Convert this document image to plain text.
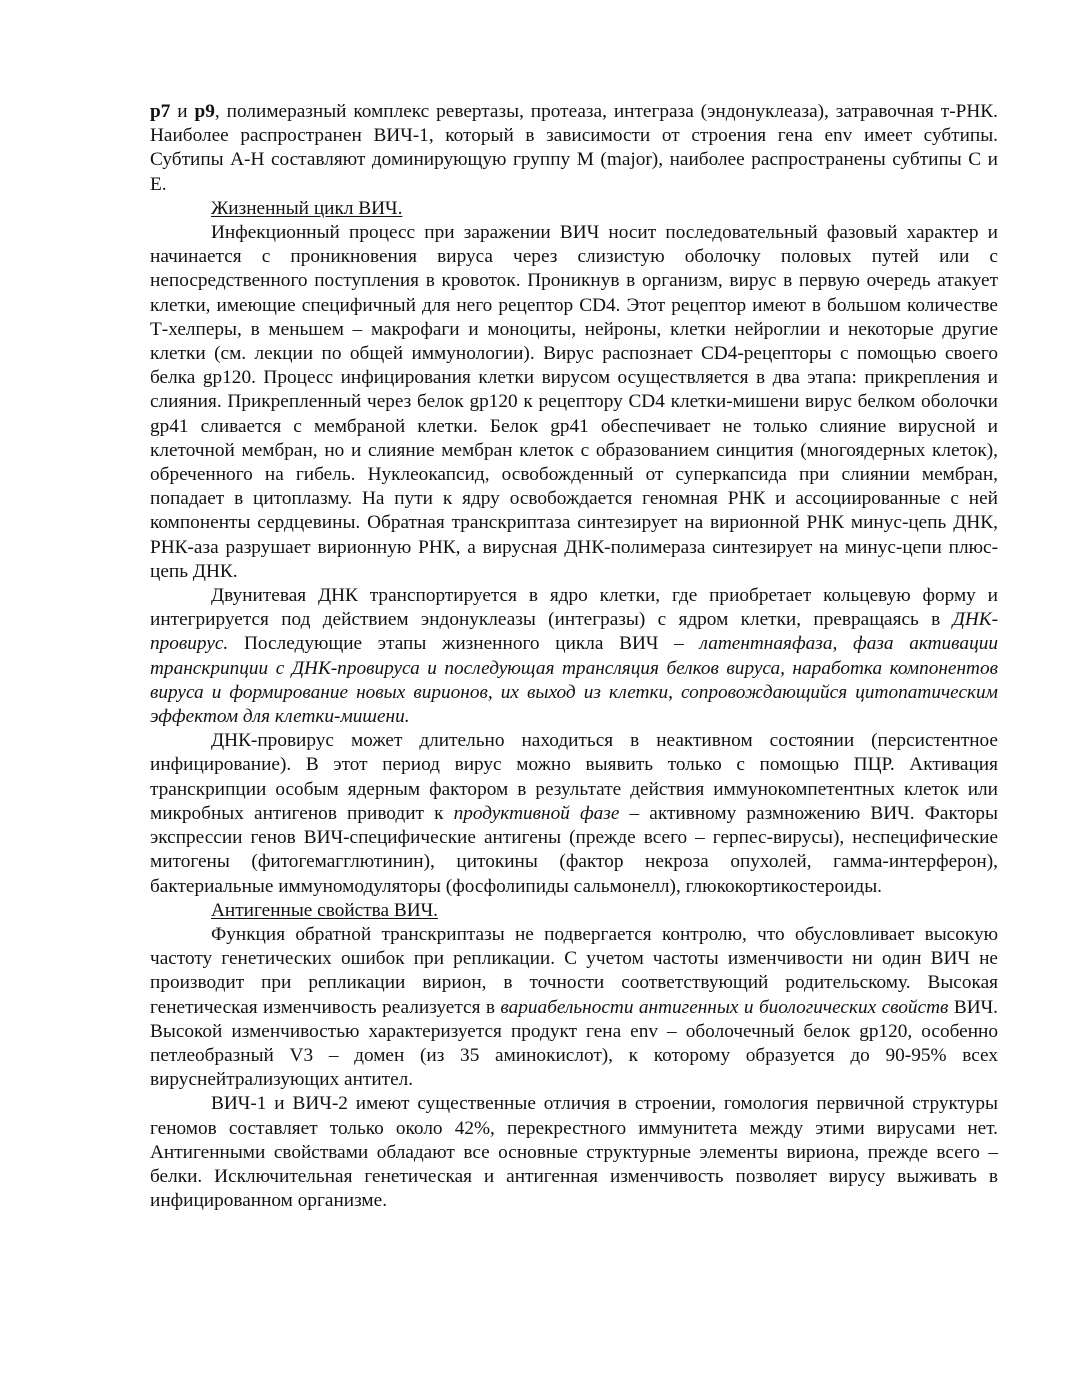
р7 и р9, полимеразный комплекс ревертазы, протеаза, интеграза (эндонуклеаза), затравочная т-РНК. Наиболее распространен ВИЧ-1, который в зависимости от строения гена env имеет субтипы. Субтипы А-Н составляют доминирующую группу М (major), наиболее распространены субтипы С и Е.

Жизненный цикл ВИЧ.

Инфекционный процесс при заражении ВИЧ носит последовательный фазовый характер и начинается с проникновения вируса через слизистую оболочку половых путей или с непосредственного поступления в кровоток. Проникнув в организм, вирус в первую очередь атакует клетки, имеющие специфичный для него рецептор CD4. Этот рецептор имеют в большом количестве Т-хелперы, в меньшем – макрофаги и моноциты, нейроны, клетки нейроглии и некоторые другие клетки (см. лекции по общей иммунологии). Вирус распознает CD4-рецепторы с помощью своего белка gp120. Процесс инфицирования клетки вирусом осуществляется в два этапа: прикрепления и слияния. Прикрепленный через белок gp120 к рецептору CD4 клетки-мишени вирус белком оболочки gp41 сливается с мембраной клетки. Белок gp41 обеспечивает не только слияние вирусной и клеточной мембран, но и слияние мембран клеток с образованием синцития (многоядерных клеток), обреченного на гибель. Нуклеокапсид, освобожденный от суперкапсида при слиянии мембран, попадает в цитоплазму. На пути к ядру освобождается геномная РНК и ассоциированные с ней компоненты сердцевины. Обратная транскриптаза синтезирует на вирионной РНК минус-цепь ДНК, РНК-аза разрушает вирионную РНК, а вирусная ДНК-полимераза синтезирует на минус-цепи плюс-цепь ДНК.

Двунитевая ДНК транспортируется в ядро клетки, где приобретает кольцевую форму и интегрируется под действием эндонуклеазы (интегразы) с ядром клетки, превращаясь в ДНК-провирус. Последующие этапы жизненного цикла ВИЧ – латентнаяфаза, фаза активации транскрипции с ДНК-провируса и последующая трансляция белков вируса, наработка компонентов вируса и формирование новых вирионов, их выход из клетки, сопровождающийся цитопатическим эффектом для клетки-мишени.

ДНК-провирус может длительно находиться в неактивном состоянии (персистентное инфицирование). В этот период вирус можно выявить только с помощью ПЦР. Активация транскрипции особым ядерным фактором в результате действия иммунокомпетентных клеток или микробных антигенов приводит к продуктивной фазе – активному размножению ВИЧ. Факторы экспрессии генов ВИЧ-специфические антигены (прежде всего – герпес-вирусы), неспецифические митогены (фитогемагглютинин), цитокины (фактор некроза опухолей, гамма-интерферон), бактериальные иммуномодуляторы (фосфолипиды сальмонелл), глюкокортикостероиды.

Антигенные свойства ВИЧ.

Функция обратной транскриптазы не подвергается контролю, что обусловливает высокую частоту генетических ошибок при репликации. С учетом частоты изменчивости ни один ВИЧ не производит при репликации вирион, в точности соответствующий родительскому. Высокая генетическая изменчивость реализуется в вариабельности антигенных и биологических свойств ВИЧ. Высокой изменчивостью характеризуется продукт гена env – оболочечный белок gp120, особенно петлеобразный V3 – домен (из 35 аминокислот), к которому образуется до 90-95% всех вируснейтрализующих антител.

ВИЧ-1 и ВИЧ-2 имеют существенные отличия в строении, гомология первичной структуры геномов составляет только около 42%, перекрестного иммунитета между этими вирусами нет. Антигенными свойствами обладают все основные структурные элементы вириона, прежде всего – белки. Исключительная генетическая и антигенная изменчивость позволяет вирусу выживать в инфицированном организме.
